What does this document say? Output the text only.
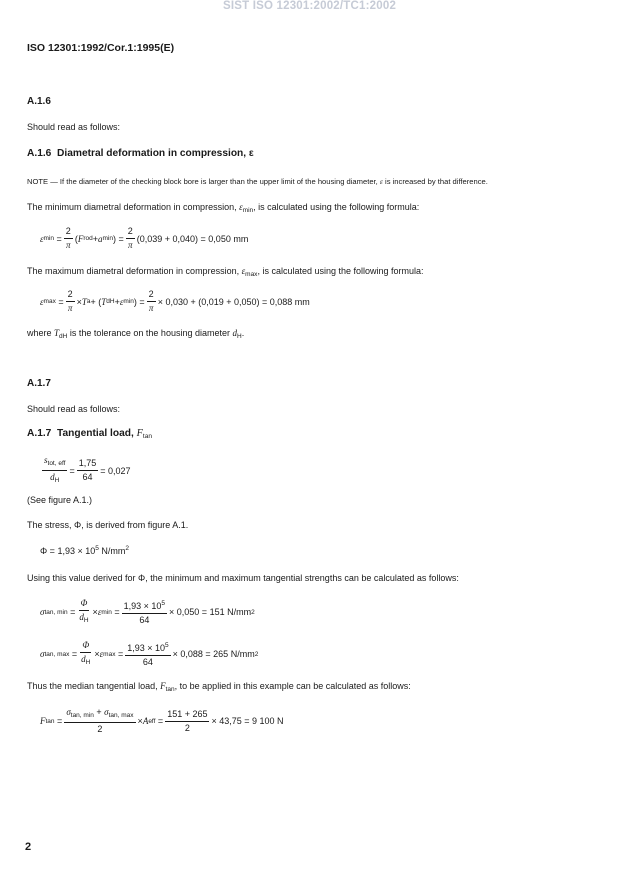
SIST ISO 12301:2002/TC1:2002
ISO 12301:1992/Cor.1:1995(E)
A.1.6
Should read as follows:
A.1.6 Diametral deformation in compression, ε
NOTE — If the diameter of the checking block bore is larger than the upper limit of the housing diameter, ε is increased by that difference.
The minimum diametral deformation in compression, $\varepsilon_{min}$, is calculated using the following formula:
ε $\min = \frac{2}{\pi}$ ( F rod + a min ) = $\frac{2}{\pi} (0,039 + 0,040) = 0,050$ mm
The maximum diametral deformation in compression, $\varepsilon_{max}$, is calculated using the following formula:
ε $\max = \frac{2}{\pi} \times T$ a + ( T dH + ε min ) = $\frac{2}{\pi} \times 0,030 + (0,019 + 0,050) = 0,088$ mm
where $T_{dH}$ is the tolerance on the housing diameter $d_H$.
A.1.7
Should read as follows:
A.1.7 Tangential load, $F_{tan}$
$\frac{s_{tot, eff}}{d_H} = \frac{1,75}{64} = 0,027$
(See figure A.1.)
The stress, Φ, is derived from figure A.1.
$\Phi = 1,93 \times 10^5$ $N/mm^2$
Using this value derived for Φ, the minimum and maximum tangential strengths can be calculated as follows:
σ tan, $\min = \frac{\Phi}{d_H} \times \varepsilon$ $\min = \frac{1,93 \times 10^5}{64} \times 0,050 = 151$ N/mm 2
σ tan, $\max = \frac{\Phi}{d_H} \times \varepsilon$ $\max = \frac{1,93 \times 10^5}{64} \times 0,088 = 265$ N/mm 2
Thus the median tangential load, $F_{tan}$, to be applied in this example can be calculated as follows:
F $\tan = \frac{\sigma_{tan, min} + \sigma_{tan, max}}{2} \times A$ eff = $\frac{151 + 265}{2} \times 43,75 = 9$ 100 N
2
